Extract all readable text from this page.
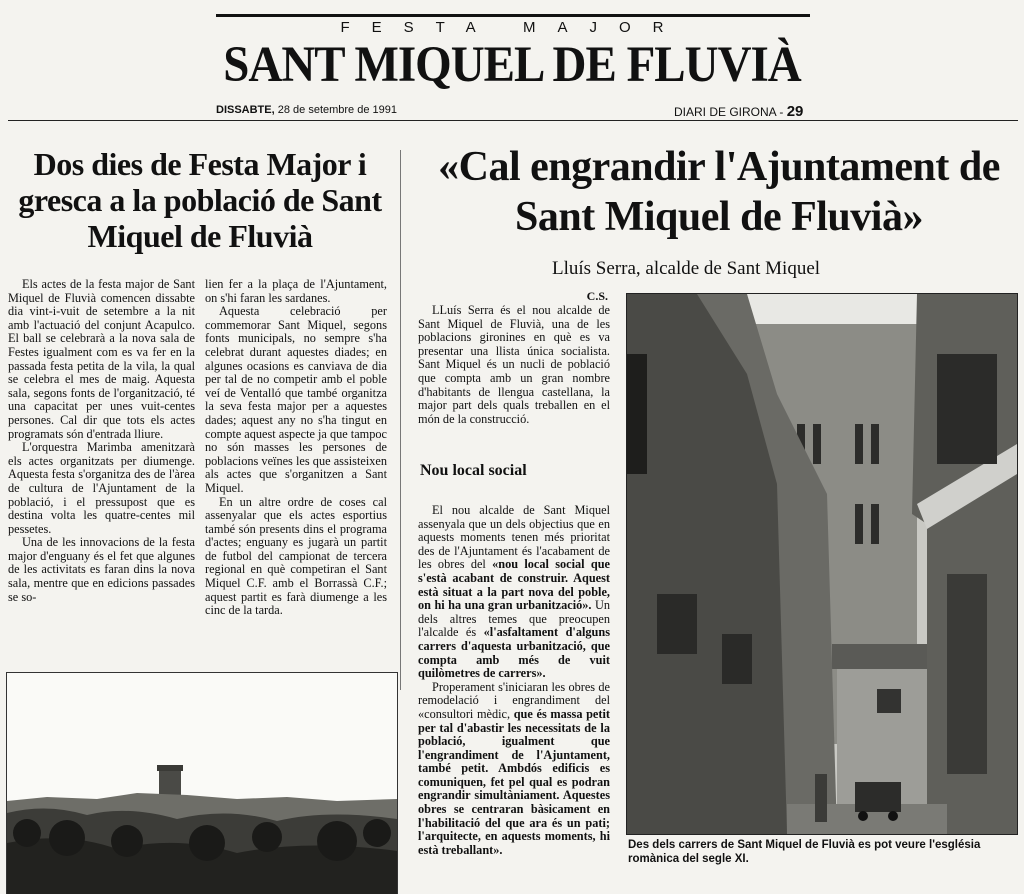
FESTA MAJOR
SANT MIQUEL DE FLUVIÀ
DISSABTE, 28 de setembre de 1991	DIARI DE GIRONA - 29
Dos dies de Festa Major i gresca a la població de Sant Miquel de Fluvià

Els actes de la festa major de Sant Miquel de Fluvià comencen dissabte dia vint-i-vuit de setembre a la nit amb l'actuació del conjunt Acapulco. El ball se celebrarà a la nova sala de Festes igualment com es va fer en la passada festa petita de la vila, la qual se celebra el mes de maig. Aquesta sala, segons fonts de l'organització, té una capacitat per unes vuit-centes persones. Cal dir que tots els actes programats són d'entrada lliure.

L'orquestra Marimba amenitzarà els actes organitzats per diumenge. Aquesta festa s'organitza des de l'àrea de cultura de l'Ajuntament de la població, i el pressupost que es destina volta les quatre-centes mil pessetes.

Una de les innovacions de la festa major d'enguany és el fet que algunes de les activitats es faran dins la nova sala, mentre que en edicions passades se so-

lien fer a la plaça de l'Ajuntament, on s'hi faran les sardanes.

Aquesta celebració per commemorar Sant Miquel, segons fonts municipals, no sempre s'ha celebrat durant aquestes diades; en algunes ocasions es canviava de dia per tal de no competir amb el poble veí de Ventalló que també organitza la seva festa major per a aquestes dades; aquest any no s'ha tingut en compte aquest aspecte ja que tampoc no són masses les persones de poblacions veïnes les que assisteixen als actes que s'organitzen a Sant Miquel.

En un altre ordre de coses cal assenyalar que els actes esportius també són presents dins el programa d'actes; enguany es jugarà un partit de futbol del campionat de tercera regional en què competiran el Sant Miquel C.F. amb el Borrassà C.F.; aquest partit es farà diumenge a les cinc de la tarda.

«Cal engrandir l'Ajuntament de Sant Miquel de Fluvià»
Lluís Serra, alcalde de Sant Miquel
C.S.

LLuís Serra és el nou alcalde de Sant Miquel de Fluvià, una de les poblacions gironines en què es va presentar una llista única socialista. Sant Miquel és un nucli de població que compta amb un gran nombre d'habitants de llengua castellana, la major part dels quals treballen en el món de la construcció.

Nou local social

El nou alcalde de Sant Miquel assenyala que un dels objectius que en aquests moments tenen més prioritat des de l'Ajuntament és l'acabament de les obres del «nou local social que s'està acabant de construir. Aquest està situat a la part nova del poble, on hi ha una gran urbanització». Un dels altres temes que preocupen l'alcalde és «l'asfaltament d'alguns carrers d'aquesta urbanització, que compta amb més de vuit quilòmetres de carrers».

Properament s'iniciaran les obres de remodelació i engrandiment del «consultori mèdic, que és massa petit per tal d'abastir les necessitats de la població, igualment que l'engrandiment de l'Ajuntament, també petit. Ambdós edificis es comuniquen, fet pel qual es podran engrandir simultàniament. Aquestes obres se centraran bàsicament en l'habilitació del que ara és un pati; l'arquitecte, en aquests moments, hi està treballant».	Des dels carrers de Sant Miquel de Fluvià es pot veure l'església romànica del segle XI.
